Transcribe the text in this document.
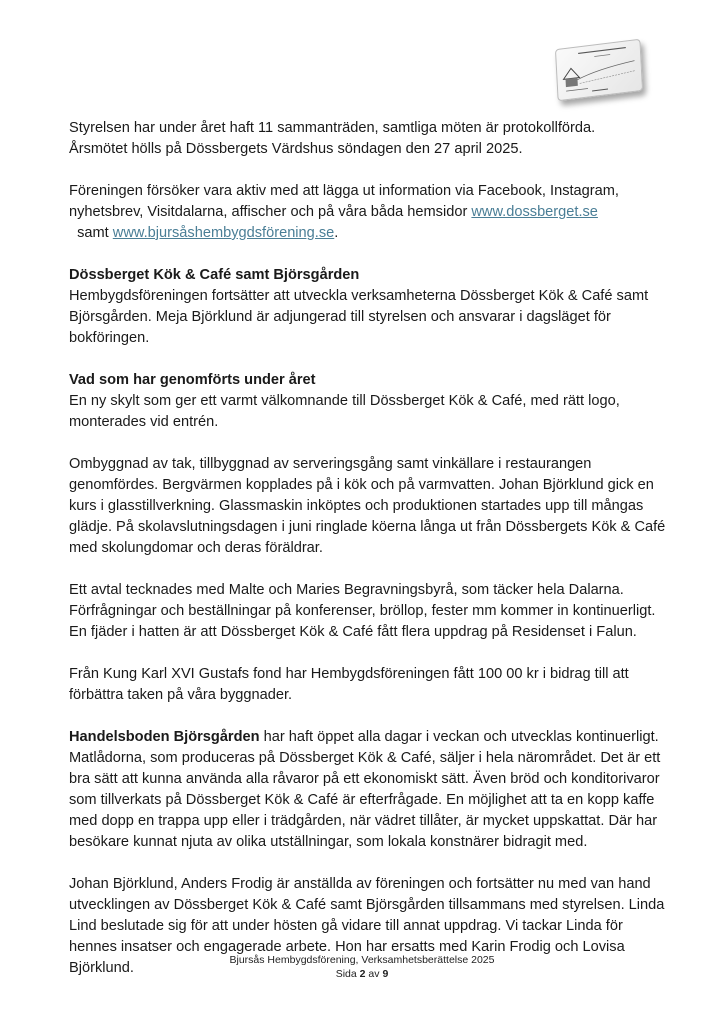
Styrelsen har under året haft 11 sammanträden, samtliga möten är protokollförda.
Årsmötet hölls på Dössbergets Värdshus söndagen den 27 april 2025.

Föreningen försöker vara aktiv med att lägga ut information via Facebook, Instagram, nyhetsbrev, Visitdalarna, affischer och på våra båda hemsidor www.dossberget.se  samt www.bjursåshembygdsförening.se.

Dössberget Kök & Café samt Björsgården

Hembygdsföreningen fortsätter att utveckla verksamheterna Dössberget Kök & Café samt Björsgården. Meja Björklund är adjungerad till styrelsen och ansvarar i dagsläget för bokföringen.

Vad som har genomförts under året

En ny skylt som ger ett varmt välkomnande till Dössberget Kök & Café, med rätt logo, monterades vid entrén.

Ombyggnad av tak, tillbyggnad av serveringsgång samt vinkällare i restaurangen genomfördes. Bergvärmen kopplades på i kök och på varmvatten. Johan Björklund gick en kurs i glasstillverkning. Glassmaskin inköptes och produktionen startades upp till mångas glädje. På skolavslutningsdagen i juni ringlade köerna långa ut från Dössbergets Kök & Café med skolungdomar och deras föräldrar.

Ett avtal tecknades med Malte och Maries Begravningsbyrå, som täcker hela Dalarna. Förfrågningar och beställningar på konferenser, bröllop, fester mm kommer in kontinuerligt. En fjäder i hatten är att Dössberget Kök & Café fått flera uppdrag på Residenset i Falun.

Från Kung Karl XVI Gustafs fond har Hembygdsföreningen fått 100 00 kr i bidrag till att förbättra taken på våra byggnader.

Handelsboden Björsgården har haft öppet alla dagar i veckan och utvecklas kontinuerligt. Matlådorna, som produceras på Dössberget Kök & Café, säljer i hela närområdet. Det är ett bra sätt att kunna använda alla råvaror på ett ekonomiskt sätt. Även bröd och konditorivaror som tillverkats på Dössberget Kök & Café är efterfrågade. En möjlighet att ta en kopp kaffe med dopp en trappa upp eller i trädgården, när vädret tillåter, är mycket uppskattat. Där har besökare kunnat njuta av olika utställningar, som lokala konstnärer bidragit med.

Johan Björklund, Anders Frodig är anställda av föreningen och fortsätter nu med van hand utvecklingen av Dössberget Kök & Café samt Björsgården tillsammans med styrelsen. Linda Lind beslutade sig för att under hösten gå vidare till annat uppdrag. Vi tackar Linda för hennes insatser och engagerade arbete. Hon har ersatts med Karin Frodig och Lovisa Björklund.	Bjursås Hembygdsförening, Verksamhetsberättelse 2025
Sida 2 av 9
